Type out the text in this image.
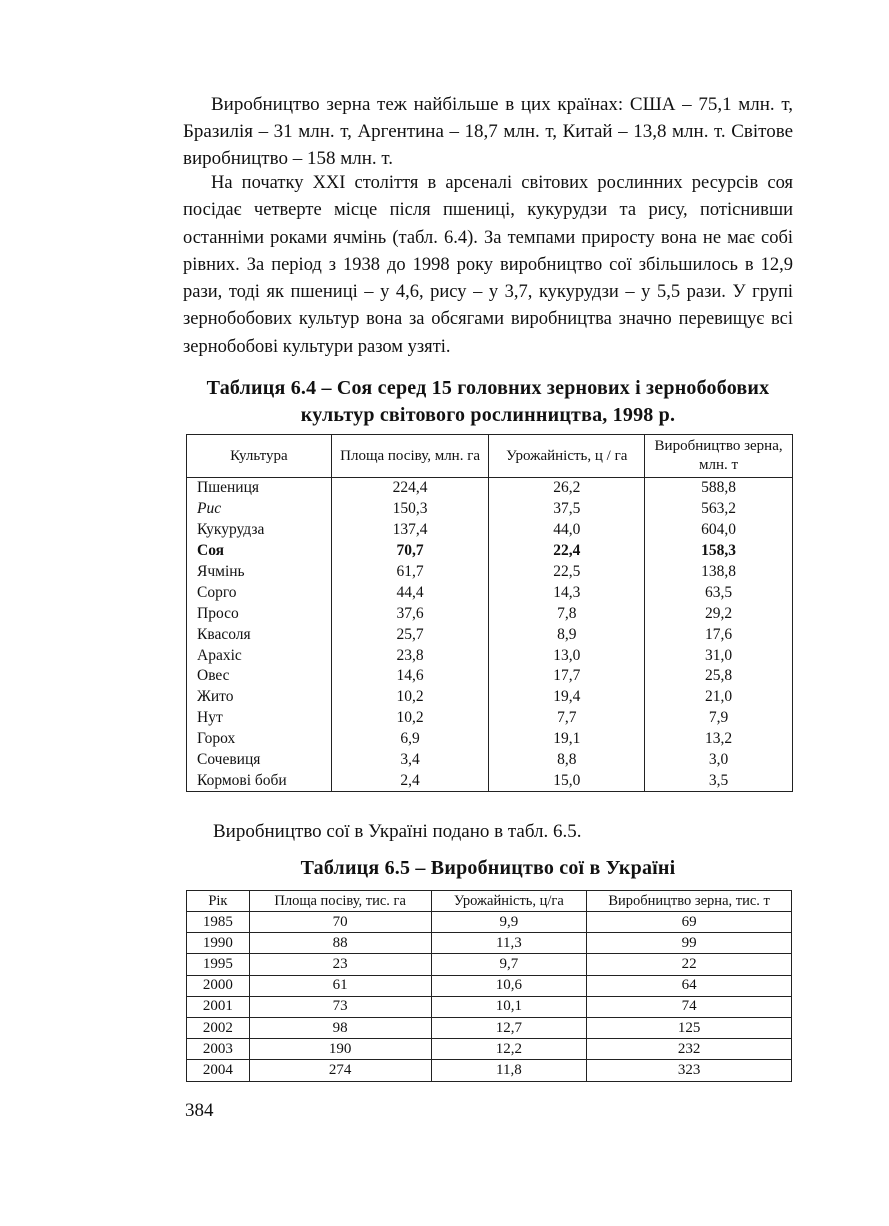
Виробництво зерна теж найбільше в цих країнах: США – 75,1 млн. т, Бразилія – 31 млн. т, Аргентина – 18,7 млн. т, Китай – 13,8 млн. т. Світове виробництво – 158 млн. т.

На початку XXI століття в арсеналі світових рослинних ресурсів соя посідає четверте місце після пшениці, кукурудзи та рису, потіснивши останніми роками ячмінь (табл. 6.4). За темпами приросту вона не має собі рівних. За період з 1938 до 1998 року виробництво сої збільшилось в 12,9 рази, тоді як пшениці – у 4,6, рису – у 3,7, кукурудзи – у 5,5 рази. У групі зернобобових культур вона за обсягами виробництва значно перевищує всі зернобобові культури разом узяті.

Таблиця 6.4 – Соя серед 15 головних зернових і зернобобових культур світового рослинництва, 1998 р.

Культура	Площа посіву, млн. га	Урожайність, ц / га	Виробництво зерна, млн. т
Пшениця	224,4	26,2	588,8
Рис	150,3	37,5	563,2
Кукурудза	137,4	44,0	604,0
Соя	70,7	22,4	158,3
Ячмінь	61,7	22,5	138,8
Сорго	44,4	14,3	63,5
Просо	37,6	7,8	29,2
Квасоля	25,7	8,9	17,6
Арахіс	23,8	13,0	31,0
Овес	14,6	17,7	25,8
Жито	10,2	19,4	21,0
Нут	10,2	7,7	7,9
Горох	6,9	19,1	13,2
Сочевиця	3,4	8,8	3,0
Кормові боби	2,4	15,0	3,5

Виробництво сої в Україні подано в табл. 6.5.

Таблиця 6.5 – Виробництво сої в Україні

Рік	Площа посіву, тис. га	Урожайність, ц/га	Виробництво зерна, тис. т
1985	70	9,9	69
1990	88	11,3	99
1995	23	9,7	22
2000	61	10,6	64
2001	73	10,1	74
2002	98	12,7	125
2003	190	12,2	232
2004	274	11,8	323
384
